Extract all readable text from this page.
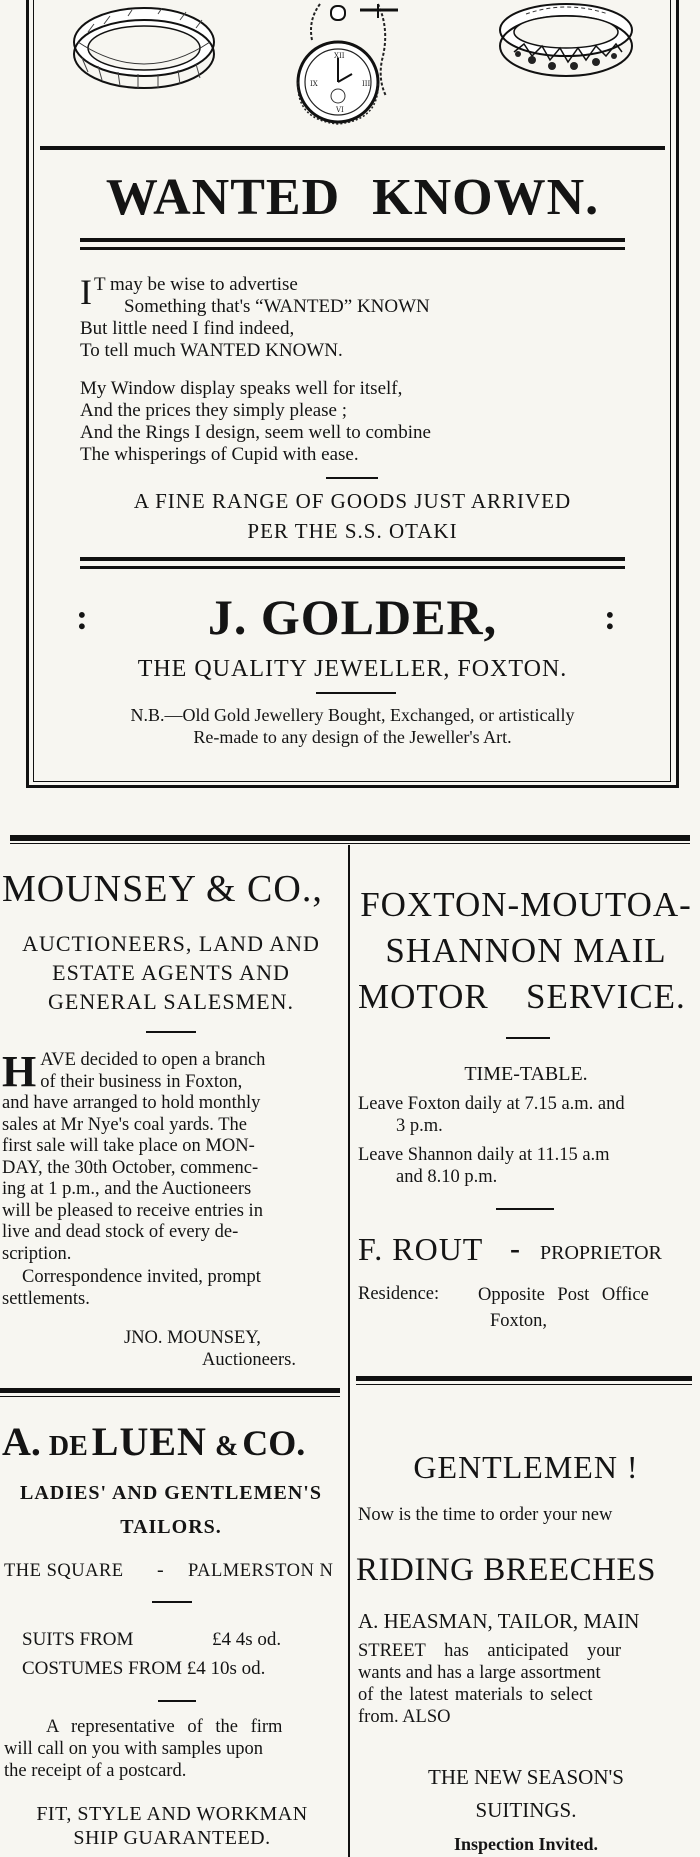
XII
III
IX
VI
WANTED KNOWN.
I T may be wise to advertise
Something that's “WANTED” KNOWN
But little need I find indeed,
To tell much WANTED KNOWN.
My Window display speaks well for itself,
And the prices they simply please ;
And the Rings I design, seem well to combine
The whisperings of Cupid with ease.
A FINE RANGE OF GOODS JUST ARRIVED
PER THE S.S. OTAKI
:	J. GOLDER,	:
THE QUALITY JEWELLER, FOXTON.
N.B.—Old Gold Jewellery Bought, Exchanged, or artistically
Re-made to any design of the Jeweller's Art.
MOUNSEY & CO.,
AUCTIONEERS, LAND AND
ESTATE AGENTS AND
GENERAL SALESMEN.
H AVE decided to open a branch
of their business in Foxton,
and have arranged to hold monthly
sales at Mr Nye's coal yards. The
first sale will take place on MON-
DAY, the 30th October, commenc-
ing at 1 p.m., and the Auctioneers
will be pleased to receive entries in
live and dead stock of every de-
scription.
Correspondence invited, prompt
settlements.
JNO. MOUNSEY,
Auctioneers.
FOXTON-MOUTOA-
SHANNON MAIL
MOTOR SERVICE.
TIME-TABLE.
Leave Foxton daily at 7.15 a.m. and
3 p.m.
Leave Shannon daily at 11.15 a.m
and 8.10 p.m.
F. ROUT - PROPRIETOR
Residence: Opposite Post Office
Foxton,
A. DE LUEN & CO.
LADIES' AND GENTLEMEN'S
TAILORS.
THE SQUARE - PALMERSTON N
SUITS FROM	£4 4s od.
COSTUMES FROM £4 10s od.
A representative of the firm
will call on you with samples upon
the receipt of a postcard.
FIT, STYLE AND WORKMAN
SHIP GUARANTEED.
GENTLEMEN !
Now is the time to order your new
RIDING BREECHES
A. HEASMAN, TAILOR, MAIN
STREET has anticipated your
wants and has a large assortment
of the latest materials to select
from. ALSO
THE NEW SEASON'S
SUITINGS.
Inspection Invited.
